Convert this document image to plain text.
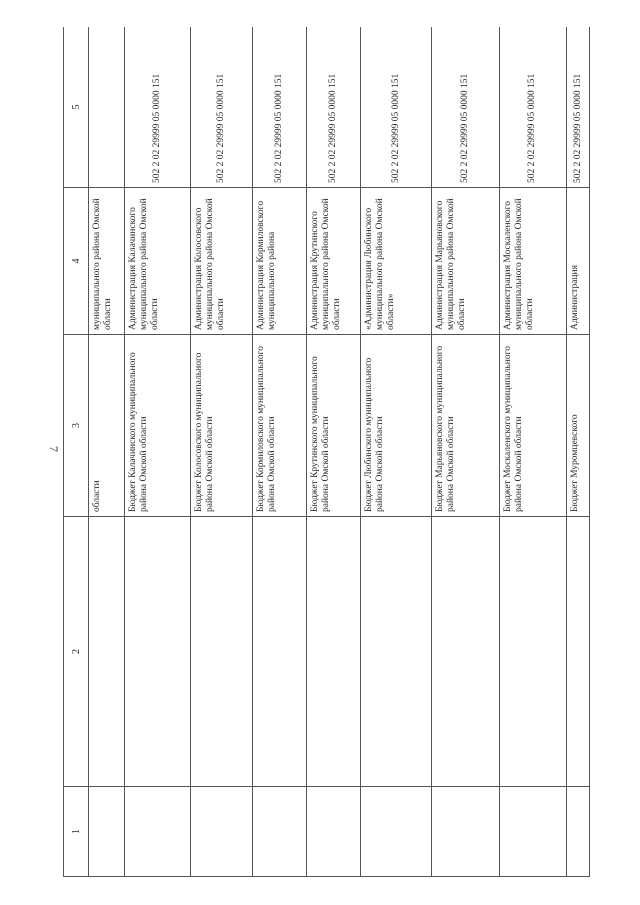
7
1	2	3	4	5
		области	муниципального района Омской области	
		Бюджет Калачинского муниципального района Омской области	Администрация Калачинского муниципального района Омской области	502 2 02 29999 05 0000 151
		Бюджет Колосовского муниципального района Омской области	Администрация Колосовского муниципального района Омской области	502 2 02 29999 05 0000 151
		Бюджет Кормиловского муниципального района Омской области	Администрация Кормиловского муниципального района	502 2 02 29999 05 0000 151
		Бюджет Крутинского муниципального района Омской области	Администрация Крутинского муниципального района Омской области	502 2 02 29999 05 0000 151
		Бюджет Любинского муниципального района Омской области	«Администрация Любинского муниципального района Омской области»	502 2 02 29999 05 0000 151
		Бюджет Марьяновского муниципального района Омской области	Администрация Марьяновского муниципального района Омской области	502 2 02 29999 05 0000 151
		Бюджет Москаленского муниципального района Омской области	Администрация Москаленского муниципального района Омской области	502 2 02 29999 05 0000 151
		Бюджет Муромцевского	Администрация	502 2 02 29999 05 0000 151
